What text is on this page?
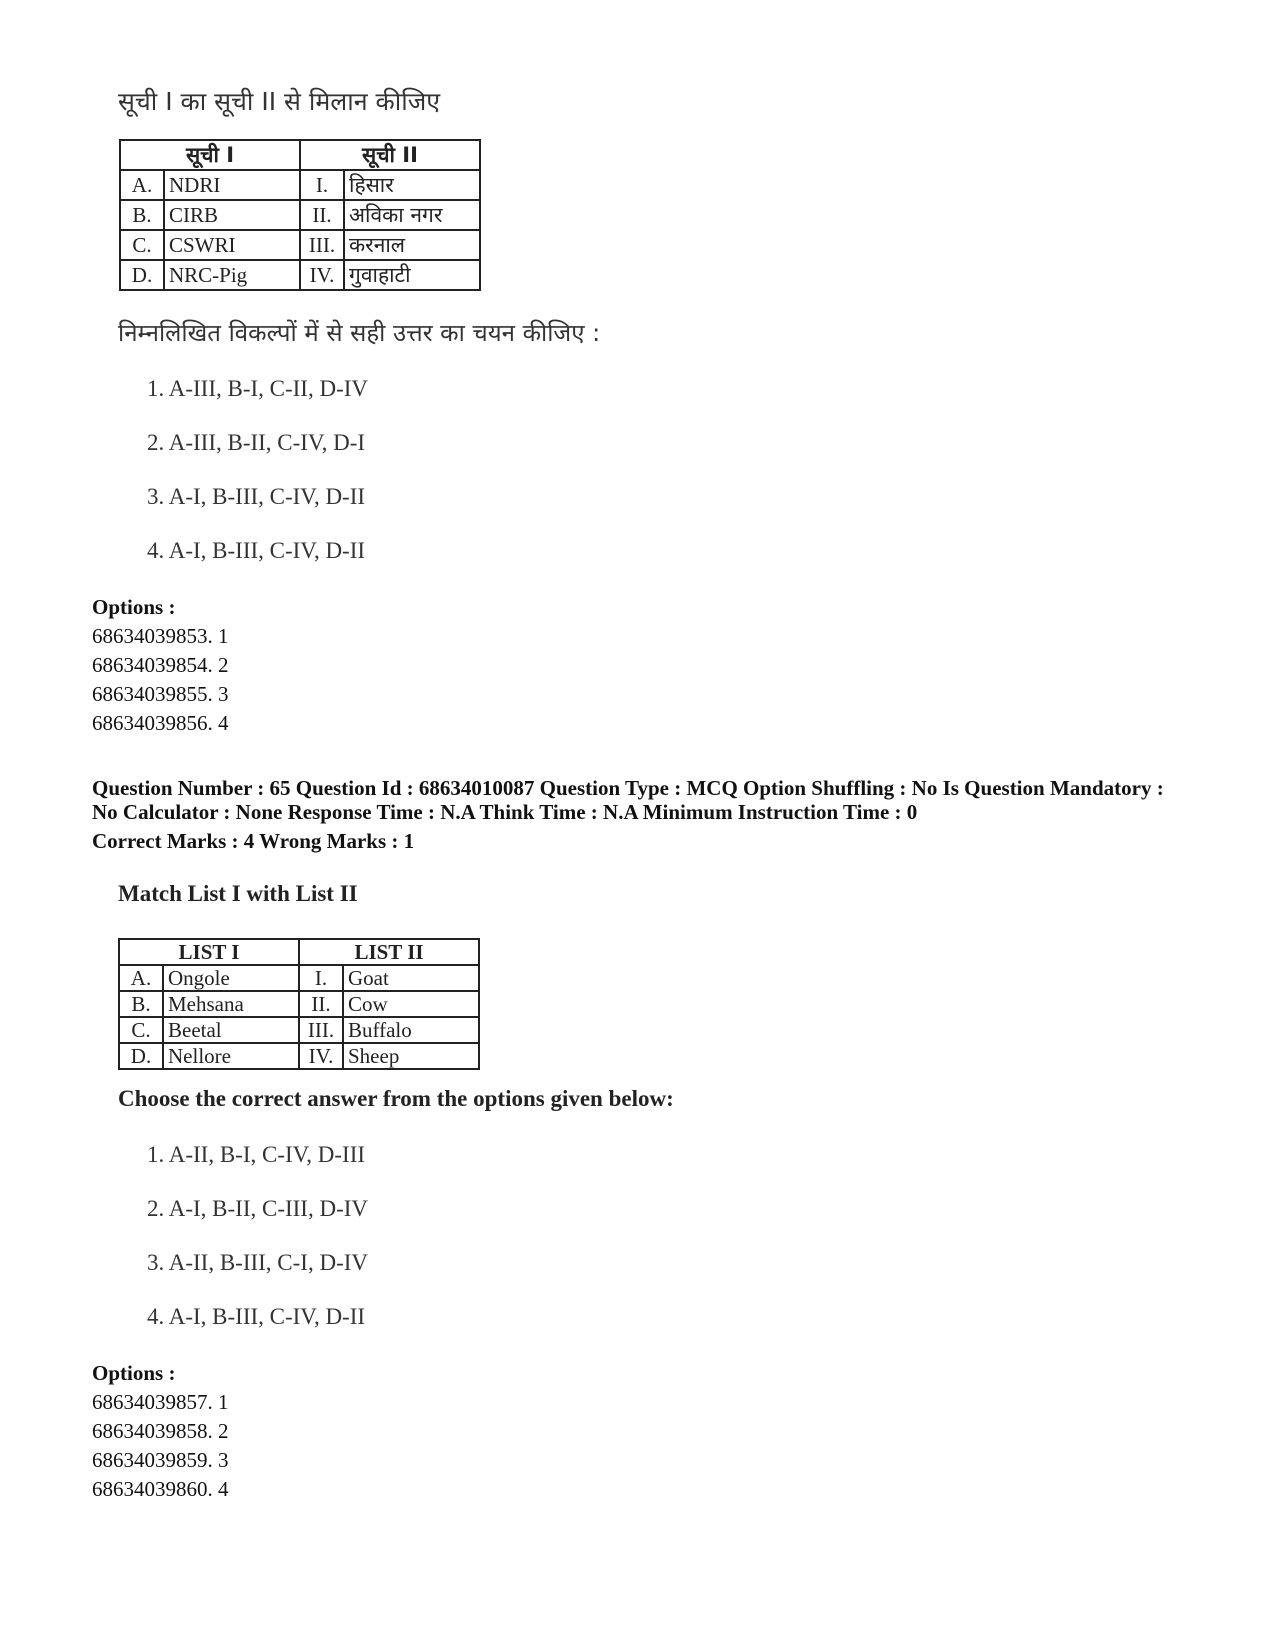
सूची I का सूची II से मिलान कीजिए
सूची I		सूची II	
A.	NDRI	I.	हिसार
B.	CIRB	II.	अविका नगर
C.	CSWRI	III.	करनाल
D.	NRC-Pig	IV.	गुवाहाटी
निम्नलिखित विकल्पों में से सही उत्तर का चयन कीजिए :
1. A-III, B-I, C-II, D-IV
2. A-III, B-II, C-IV, D-I
3. A-I, B-III, C-IV, D-II
4. A-I, B-III, C-IV, D-II
Options :
68634039853. 1
68634039854. 2
68634039855. 3
68634039856. 4
Question Number : 65 Question Id : 68634010087 Question Type : MCQ Option Shuffling : No Is Question Mandatory :
No Calculator : None Response Time : N.A Think Time : N.A Minimum Instruction Time : 0
Correct Marks : 4 Wrong Marks : 1
Match List I with List II
LIST I		LIST II	
A.	Ongole	I.	Goat
B.	Mehsana	II.	Cow
C.	Beetal	III.	Buffalo
D.	Nellore	IV.	Sheep
Choose the correct answer from the options given below:
1. A-II, B-I, C-IV, D-III
2. A-I, B-II, C-III, D-IV
3. A-II, B-III, C-I, D-IV
4. A-I, B-III, C-IV, D-II
Options :
68634039857. 1
68634039858. 2
68634039859. 3
68634039860. 4
